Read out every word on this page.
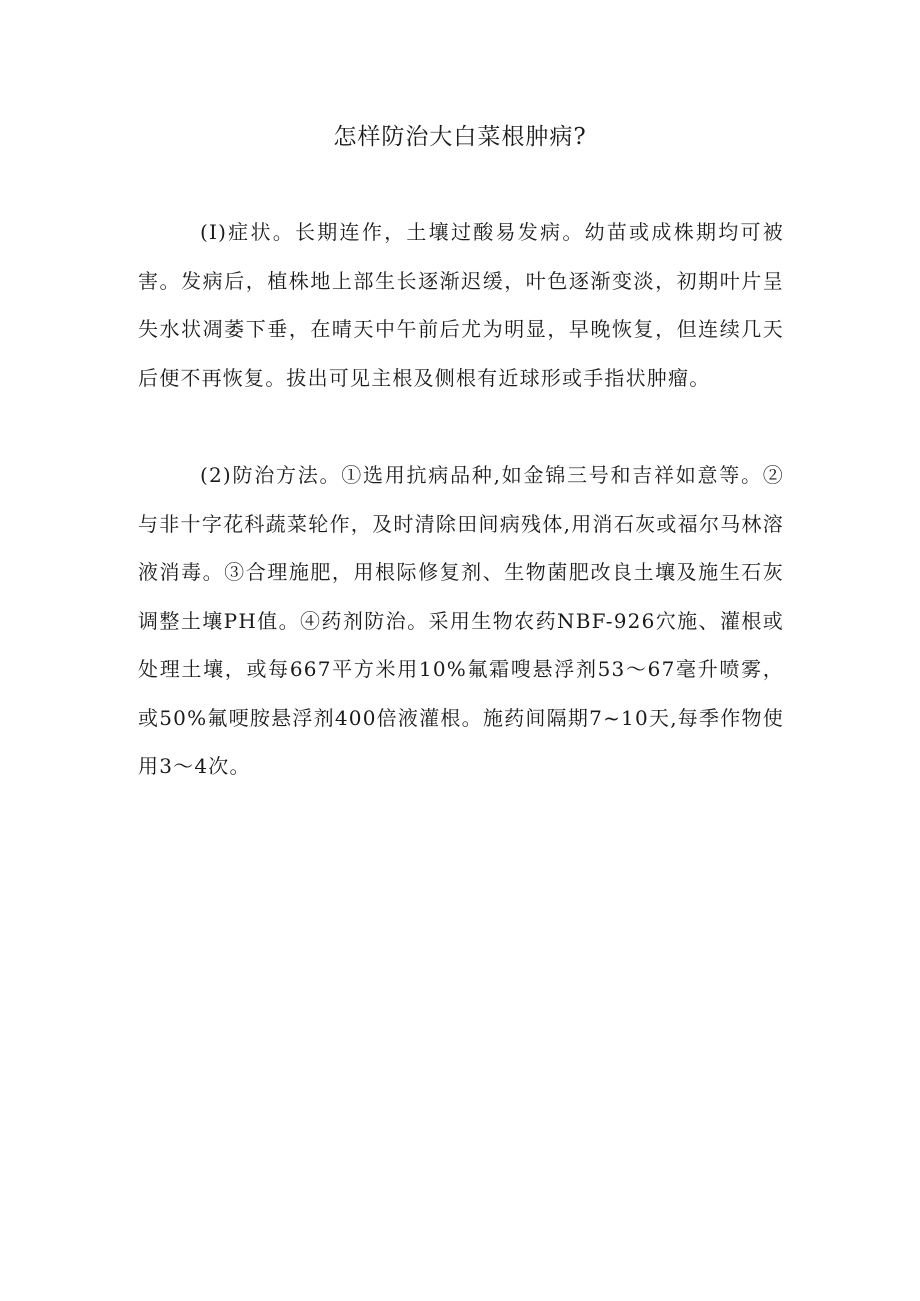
怎样防治大白菜根肿病?

(I)症状。长期连作，土壤过酸易发病。幼苗或成株期均可被害。发病后，植株地上部生长逐渐迟缓，叶色逐渐变淡，初期叶片呈失水状凋萎下垂，在晴天中午前后尤为明显，早晚恢复，但连续几天后便不再恢复。拔出可见主根及侧根有近球形或手指状肿瘤。

(2)防治方法。①选用抗病品种,如金锦三号和吉祥如意等。②与非十字花科蔬菜轮作，及时清除田间病残体,用消石灰或福尔马林溶液消毒。③合理施肥，用根际修复剂、生物菌肥改良土壤及施生石灰调整土壤PH值。④药剂防治。采用生物农药NBF-926穴施、灌根或处理土壤，或每667平方米用10%氟霜嗖悬浮剂53～67毫升喷雾，或50%氟哽胺悬浮剂400倍液灌根。施药间隔期7~10天,每季作物使用3～4次。
